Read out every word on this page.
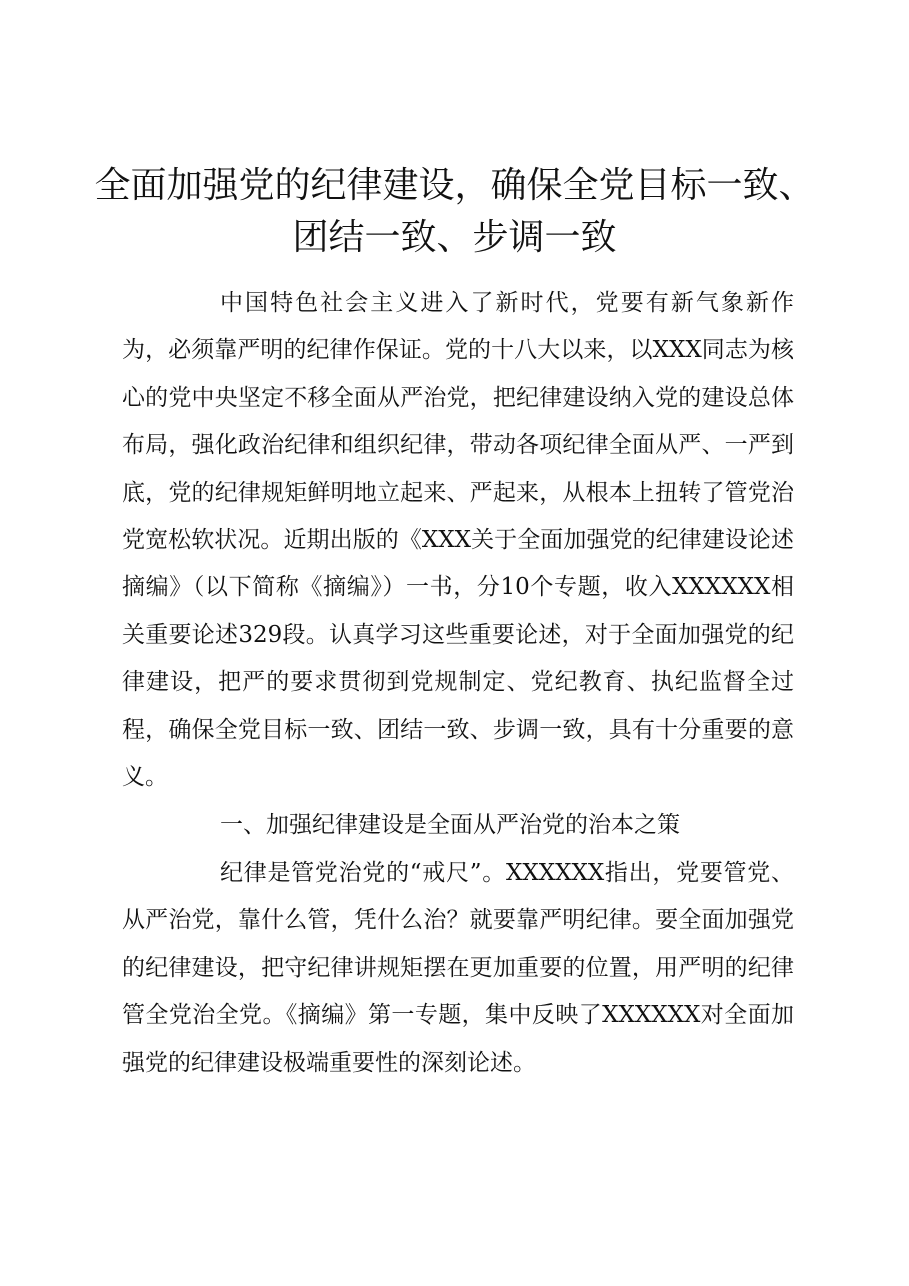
全面加强党的纪律建设，确保全党目标一致、
团结一致、步调一致

中国特色社会主义进入了新时代，党要有新气象新作为，必须靠严明的纪律作保证。党的十八大以来，以XXX同志为核心的党中央坚定不移全面从严治党，把纪律建设纳入党的建设总体布局，强化政治纪律和组织纪律，带动各项纪律全面从严、一严到底，党的纪律规矩鲜明地立起来、严起来，从根本上扭转了管党治党宽松软状况。近期出版的《XXX关于全面加强党的纪律建设论述摘编》（以下简称《摘编》）一书，分10个专题，收入XXXXXX相关重要论述329段。认真学习这些重要论述，对于全面加强党的纪律建设，把严的要求贯彻到党规制定、党纪教育、执纪监督全过程，确保全党目标一致、团结一致、步调一致，具有十分重要的意义。

一、加强纪律建设是全面从严治党的治本之策

纪律是管党治党的“戒尺”。XXXXXX指出，党要管党、从严治党，靠什么管，凭什么治？就要靠严明纪律。要全面加强党的纪律建设，把守纪律讲规矩摆在更加重要的位置，用严明的纪律管全党治全党。《摘编》第一专题，集中反映了XXXXXX对全面加强党的纪律建设极端重要性的深刻论述。
